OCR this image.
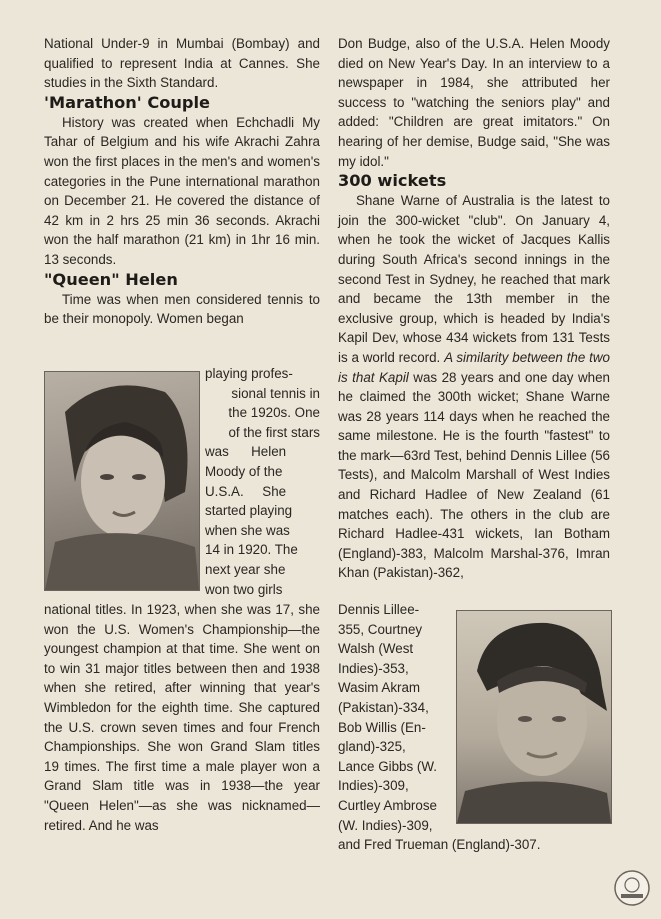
National Under-9 in Mumbai (Bombay) and qualified to represent India at Cannes. She studies in the Sixth Standard.

'Marathon' Couple

History was created when Echchadli My Tahar of Belgium and his wife Akrachi Zahra won the first places in the men's and women's categories in the Pune international marathon on December 21. He covered the distance of 42 km in 2 hrs 25 min 36 seconds. Akrachi won the half marathon (21 km) in 1hr 16 min. 13 seconds.

"Queen" Helen

Time was when men considered tennis to be their monopoly. Women began

playing profes-

sional tennis in

the 1920s. One

of the first stars

was      Helen

Moody of the

U.S.A.     She

started playing

when she was

14 in 1920. The

next year she

won two girls

national titles. In 1923, when she was 17, she won the U.S. Women's Championship—the youngest champion at that time. She went on to win 31 major titles between then and 1938 when she retired, after winning that year's Wimbledon for the eighth time. She captured the U.S. crown seven times and four French Championships. She won Grand Slam titles 19 times. The first time a male player won a Grand Slam title was in 1938—the year "Queen Helen"—as she was nicknamed—retired. And he was

Don Budge, also of the U.S.A. Helen Moody died on New Year's Day. In an interview to a newspaper in 1984, she attributed her success to "watching the seniors play" and added: "Children are great imitators." On hearing of her demise, Budge said, "She was my idol."

300 wickets

Shane Warne of Australia is the latest to join the 300-wicket "club". On January 4, when he took the wicket of Jacques Kallis during South Africa's second innings in the second Test in Sydney, he reached that mark and became the 13th member in the exclusive group, which is headed by India's Kapil Dev, whose 434 wickets from 131 Tests is a world record. A similarity between the two is that Kapil was 28 years and one day when he claimed the 300th wicket; Shane Warne was 28 years 114 days when he reached the same milestone. He is the fourth "fastest" to the mark—63rd Test, behind Dennis Lillee (56 Tests), and Malcolm Marshall of West Indies and Richard Hadlee of New Zealand (61 matches each). The others in the club are Richard Hadlee-431 wickets, Ian Botham (England)-383, Malcolm Marshal-376, Imran Khan (Pakistan)-362,

Dennis Lillee-

355, Courtney

Walsh (West

Indies)-353,

Wasim Akram

(Pakistan)-334,

Bob Willis (En-

gland)-325,

Lance Gibbs (W.

Indies)-309,

Curtley Ambrose

(W. Indies)-309,

and Fred Trueman (England)-307.
